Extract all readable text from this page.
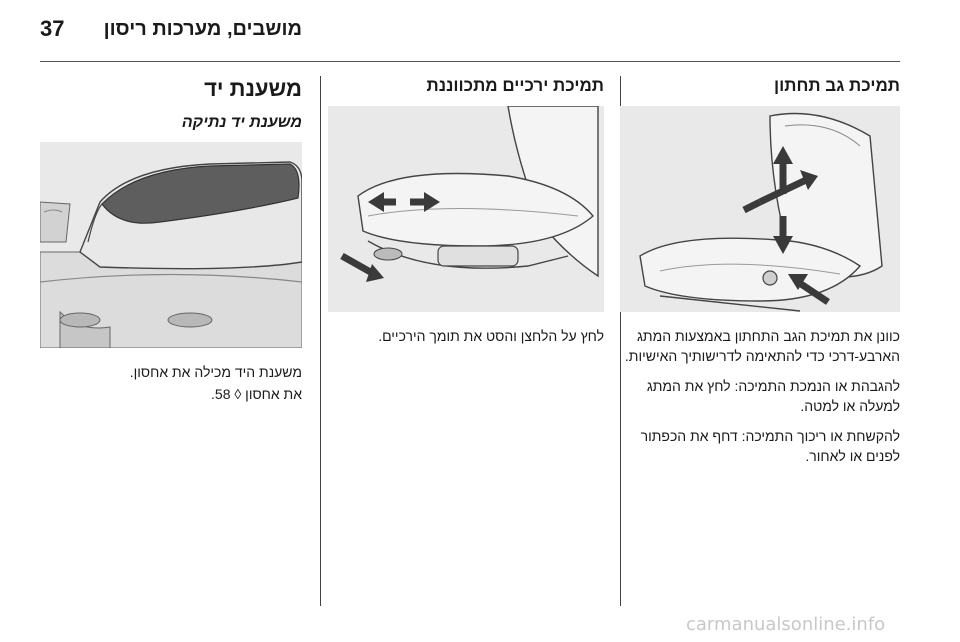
37 מושבים, מערכות ריסון
תמיכת גב תחתון

כוונן את תמיכת הגב התחתון באמצעות המתג הארבע-דרכי כדי להתאימה לדרישותיך האישיות.

להגבהת או הנמכת התמיכה: לחץ את המתג למעלה או למטה.

להקשחת או ריכוך התמיכה: דחף את הכפתור לפנים או לאחור.

תמיכת ירכיים מתכווננת

לחץ על הלחצן והסט את תומך הירכיים.

משענת יד
משענת יד נתיקה

משענת היד מכילה את אחסון.

את אחסון ◊ 58.

carmanualsonline.info
